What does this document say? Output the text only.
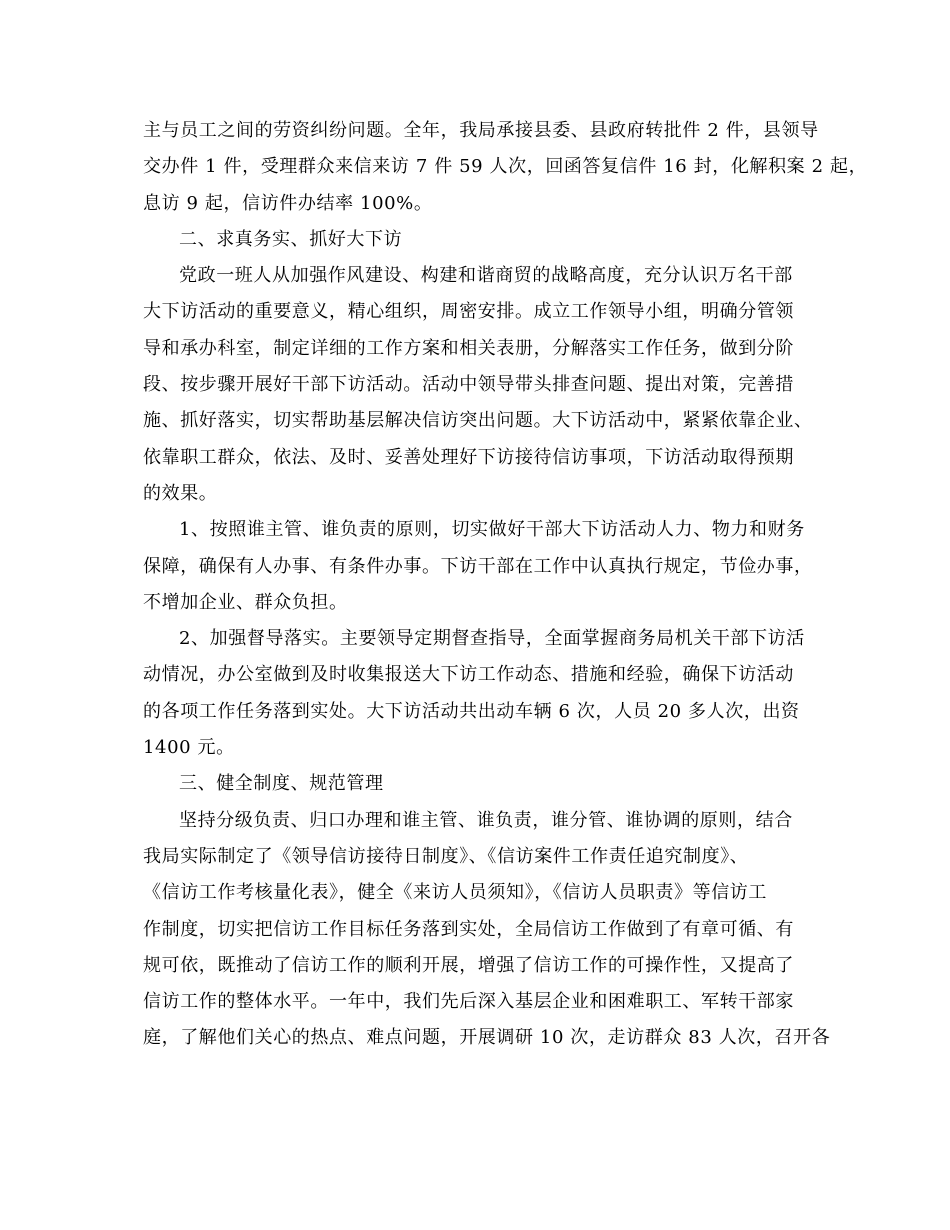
主与员工之间的劳资纠纷问题。全年，我局承接县委、县政府转批件 2 件，县领导
交办件 1 件，受理群众来信来访 7 件 59 人次，回函答复信件 16 封，化解积案 2 起，
息访 9 起，信访件办结率 100%。
二、求真务实、抓好大下访
党政一班人从加强作风建设、构建和谐商贸的战略高度，充分认识万名干部
大下访活动的重要意义，精心组织，周密安排。成立工作领导小组，明确分管领
导和承办科室，制定详细的工作方案和相关表册，分解落实工作任务，做到分阶
段、按步骤开展好干部下访活动。活动中领导带头排查问题、提出对策，完善措
施、抓好落实，切实帮助基层解决信访突出问题。大下访活动中，紧紧依靠企业、
依靠职工群众，依法、及时、妥善处理好下访接待信访事项，下访活动取得预期
的效果。
1、按照谁主管、谁负责的原则，切实做好干部大下访活动人力、物力和财务
保障，确保有人办事、有条件办事。下访干部在工作中认真执行规定，节俭办事，
不增加企业、群众负担。
2、加强督导落实。主要领导定期督查指导，全面掌握商务局机关干部下访活
动情况，办公室做到及时收集报送大下访工作动态、措施和经验，确保下访活动
的各项工作任务落到实处。大下访活动共出动车辆 6 次，人员 20 多人次，出资
1400 元。
三、健全制度、规范管理
坚持分级负责、归口办理和谁主管、谁负责，谁分管、谁协调的原则，结合
我局实际制定了《领导信访接待日制度》、《信访案件工作责任追究制度》、
《信访工作考核量化表》，健全《来访人员须知》，《信访人员职责》等信访工
作制度，切实把信访工作目标任务落到实处，全局信访工作做到了有章可循、有
规可依，既推动了信访工作的顺利开展，增强了信访工作的可操作性，又提高了
信访工作的整体水平。一年中，我们先后深入基层企业和困难职工、军转干部家
庭，了解他们关心的热点、难点问题，开展调研 10 次，走访群众 83 人次，召开各
